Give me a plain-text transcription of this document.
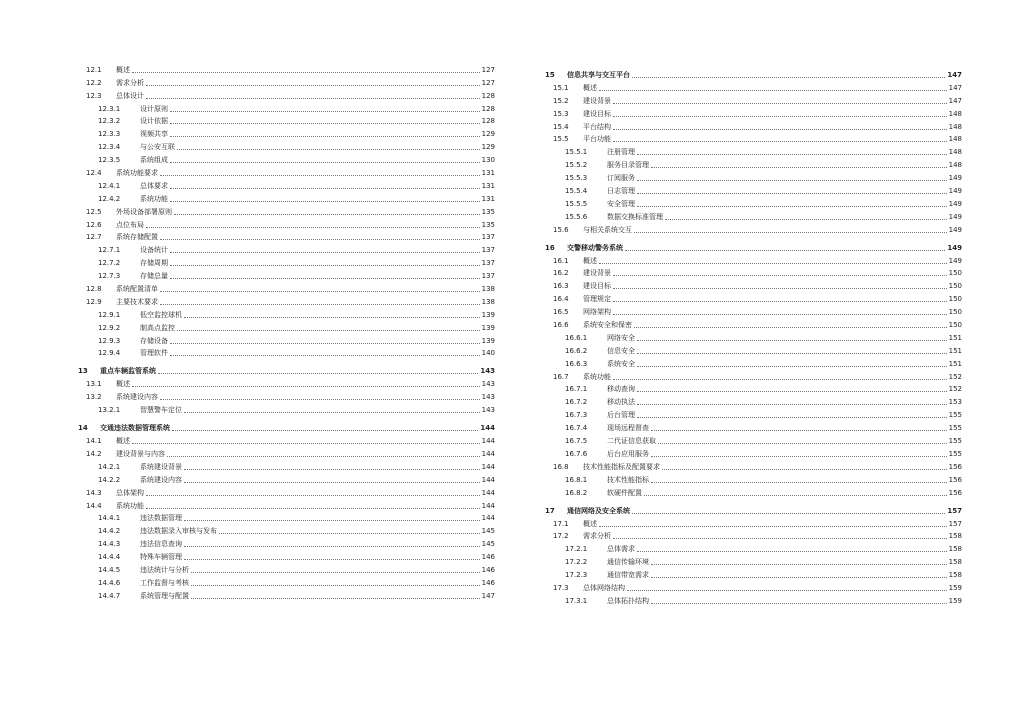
12.1	概述	127
12.2	需求分析	127
12.3	总体设计	128
12.3.1	设计原则	128
12.3.2	设计依据	128
12.3.3	视频共享	129
12.3.4	与公安互联	129
12.3.5	系统组成	130
12.4	系统功能要求	131
12.4.1	总体要求	131
12.4.2	系统功能	131
12.5	外场设备部署原则	135
12.6	点位布局	135
12.7	系统存储配置	137
12.7.1	设备统计	137
12.7.2	存储周期	137
12.7.3	存储总量	137
12.8	系统配置清单	138
12.9	主要技术要求	138
12.9.1	低空监控球机	139
12.9.2	制高点监控	139
12.9.3	存储设备	139
12.9.4	管理软件	140
13	重点车辆监管系统	143
13.1	概述	143
13.2	系统建设内容	143
13.2.1	智慧警车定位	143
14	交通违法数据管理系统	144
14.1	概述	144
14.2	建设背景与内容	144
14.2.1	系统建设背景	144
14.2.2	系统建设内容	144
14.3	总体架构	144
14.4	系统功能	144
14.4.1	违法数据管理	144
14.4.2	违法数据录入审核与发布	145
14.4.3	违法信息查询	145
14.4.4	特殊车辆管理	146
14.4.5	违法统计与分析	146
14.4.6	工作监督与考核	146
14.4.7	系统管理与配置	147
15	信息共享与交互平台	147
15.1	概述	147
15.2	建设背景	147
15.3	建设目标	148
15.4	平台结构	148
15.5	平台功能	148
15.5.1	注册管理	148
15.5.2	服务目录管理	148
15.5.3	订阅服务	149
15.5.4	日志管理	149
15.5.5	安全管理	149
15.5.6	数据交换标准管理	149
15.6	与相关系统交互	149
16	交警移动警务系统	149
16.1	概述	149
16.2	建设背景	150
16.3	建设目标	150
16.4	管理规定	150
16.5	网络架构	150
16.6	系统安全和保密	150
16.6.1	网络安全	151
16.6.2	信息安全	151
16.6.3	系统安全	151
16.7	系统功能	152
16.7.1	移动查询	152
16.7.2	移动执法	153
16.7.3	后台管理	155
16.7.4	现场远程督查	155
16.7.5	二代证信息获取	155
16.7.6	后台应用服务	155
16.8	技术性能指标及配置要求	156
16.8.1	技术性能指标	156
16.8.2	软硬件配置	156
17	通信网络及安全系统	157
17.1	概述	157
17.2	需求分析	158
17.2.1	总体需求	158
17.2.2	通信传输环境	158
17.2.3	通信带宽需求	158
17.3	总体网络结构	159
17.3.1	总体拓扑结构	159
